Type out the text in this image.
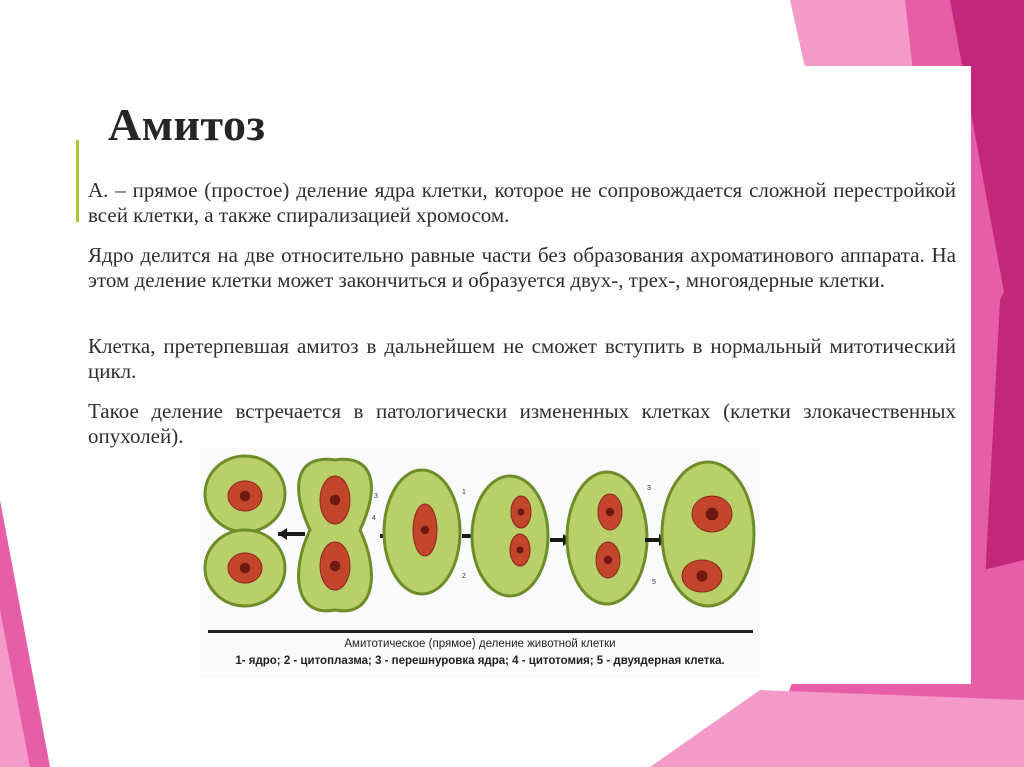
Амитоз

А. – прямое (простое) деление ядра клетки, которое не сопровождается сложной перестройкой всей клетки, а также спирализацией хромосом.

Ядро делится на две относительно равные части без образования ахроматинового аппарата. На этом деление клетки может закончиться и образуется двух-, трех-, многоядерные клетки.

Клетка, претерпевшая амитоз в дальнейшем не сможет вступить в нормальный митотический цикл.

Такое деление встречается в патологически измененных клетках (клетки злокачественных опухолей).

3
4
1
2
3
5

Амитотическое (прямое) деление животной клетки

1- ядро; 2 - цитоплазма; 3 - перешнуровка ядра; 4 - цитотомия; 5 - двуядерная клетка.
